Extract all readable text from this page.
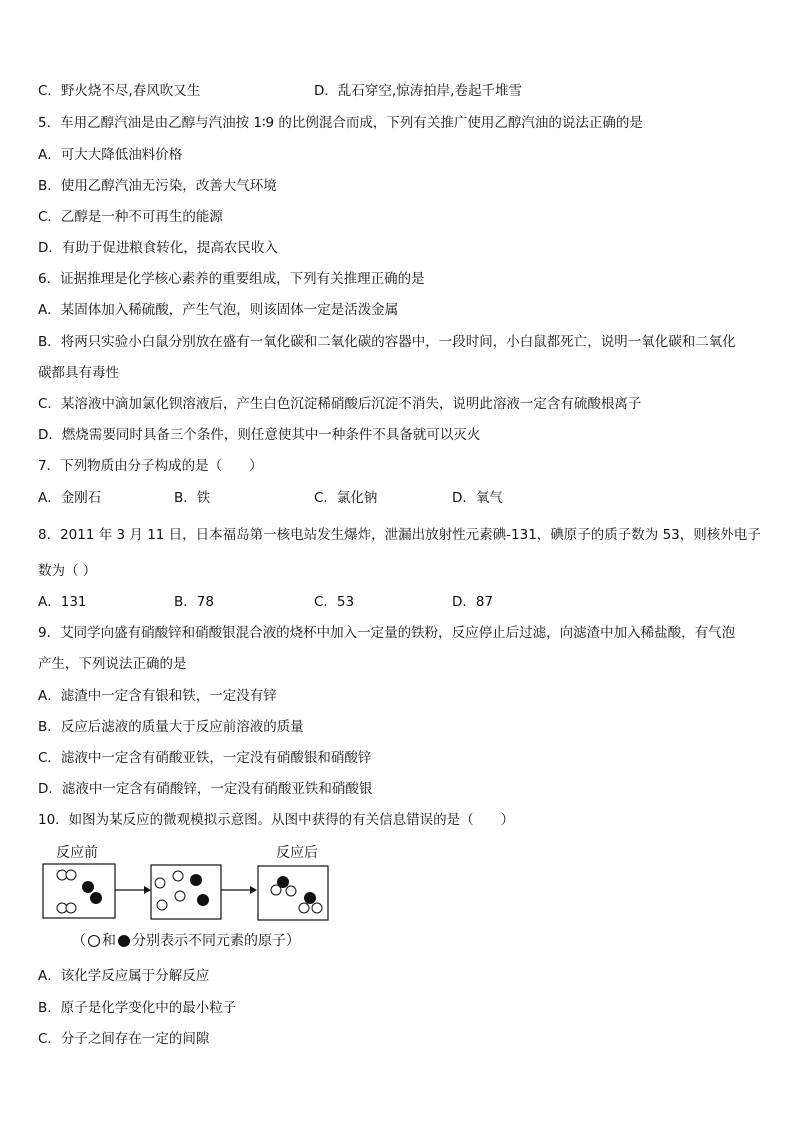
C．野火烧不尽,春风吹又生	D．乱石穿空,惊涛拍岸,卷起千堆雪
5．车用乙醇汽油是由乙醇与汽油按 1∶9 的比例混合而成，下列有关推广使用乙醇汽油的说法正确的是
A．可大大降低油料价格
B．使用乙醇汽油无污染，改善大气环境
C．乙醇是一种不可再生的能源
D．有助于促进粮食转化，提高农民收入
6．证据推理是化学核心素养的重要组成，下列有关推理正确的是
A．某固体加入稀硫酸，产生气泡，则该固体一定是活泼金属
B．将两只实验小白鼠分别放在盛有一氧化碳和二氧化碳的容器中，一段时间，小白鼠都死亡，说明一氧化碳和二氧化
碳都具有毒性
C．某溶液中滴加氯化钡溶液后，产生白色沉淀稀硝酸后沉淀不消失，说明此溶液一定含有硫酸根离子
D．燃烧需要同时具备三个条件，则任意使其中一种条件不具备就可以灭火
7．下列物质由分子构成的是（　　）
A．金刚石	B．铁	C．氯化钠	D．氧气
8．2011 年 3 月 11 日，日本福岛第一核电站发生爆炸，泄漏出放射性元素碘-131，碘原子的质子数为 53，则核外电子
数为（ ）
A．131	B．78	C．53	D．87
9．艾同学向盛有硝酸锌和硝酸银混合液的烧杯中加入一定量的铁粉，反应停止后过滤，向滤渣中加入稀盐酸，有气泡
产生，下列说法正确的是
A．滤渣中一定含有银和铁，一定没有锌
B．反应后滤液的质量大于反应前溶液的质量
C．滤液中一定含有硝酸亚铁，一定没有硝酸银和硝酸锌
D．滤液中一定含有硝酸锌，一定没有硝酸亚铁和硝酸银
10．如图为某反应的微观模拟示意图。从图中获得的有关信息错误的是（　　）
反应前	反应后
（ 和 分别表示不同元素的原子）
A．该化学反应属于分解反应
B．原子是化学变化中的最小粒子
C．分子之间存在一定的间隙
